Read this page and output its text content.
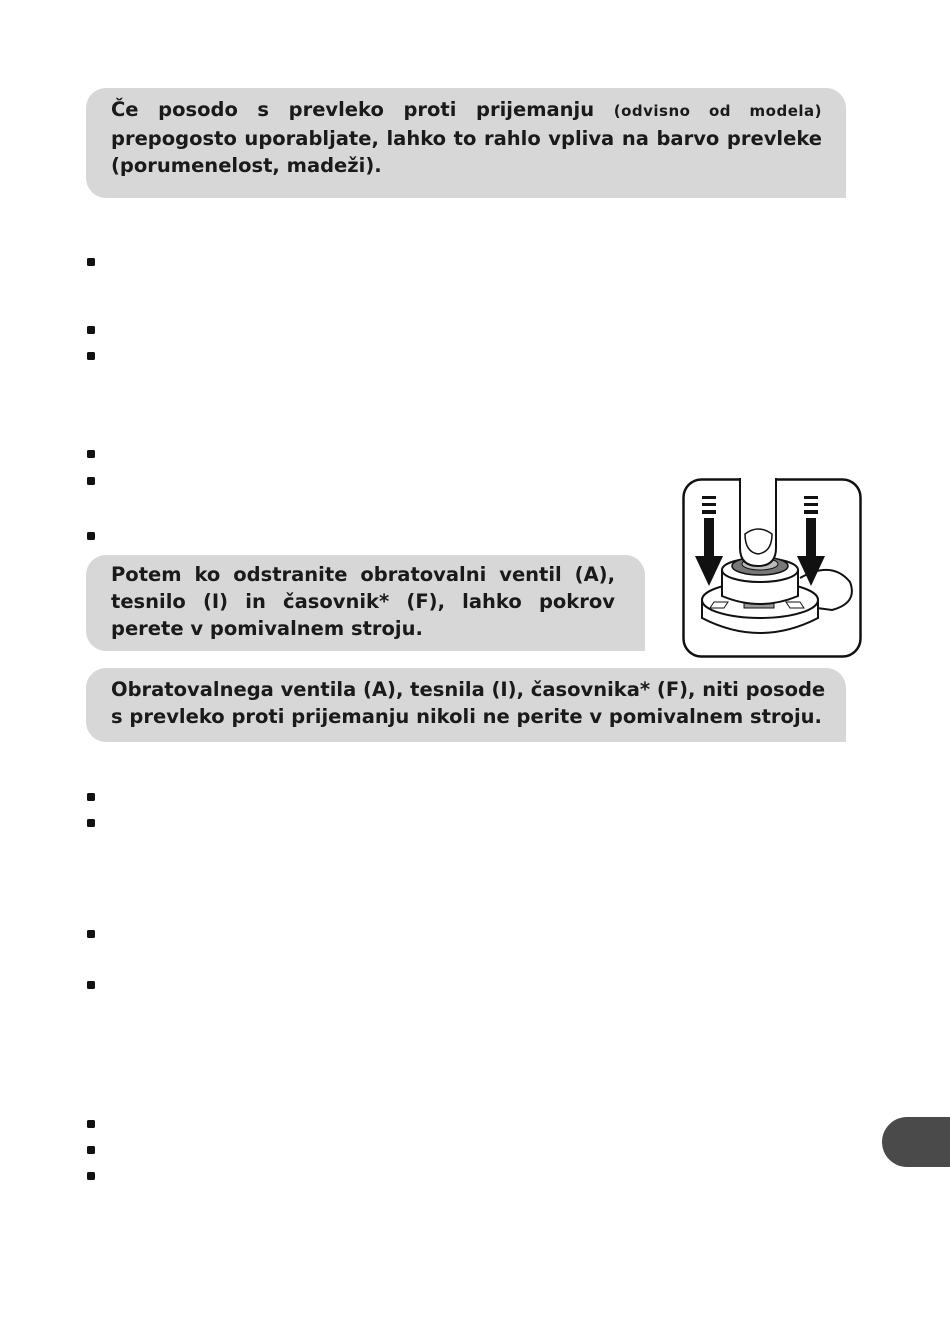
Če posodo s prevleko proti prijemanju (odvisno od modela) prepogosto uporabljate, lahko to rahlo vpliva na barvo prevleke (porumenelost, madeži).
Potem ko odstranite obratovalni ventil (A), tesnilo (I) in časovnik* (F), lahko pokrov perete v pomivalnem stroju.
Obratovalnega ventila (A), tesnila (I), časovnika* (F), niti posode s prevleko proti prijemanju nikoli ne perite v pomivalnem stroju.
